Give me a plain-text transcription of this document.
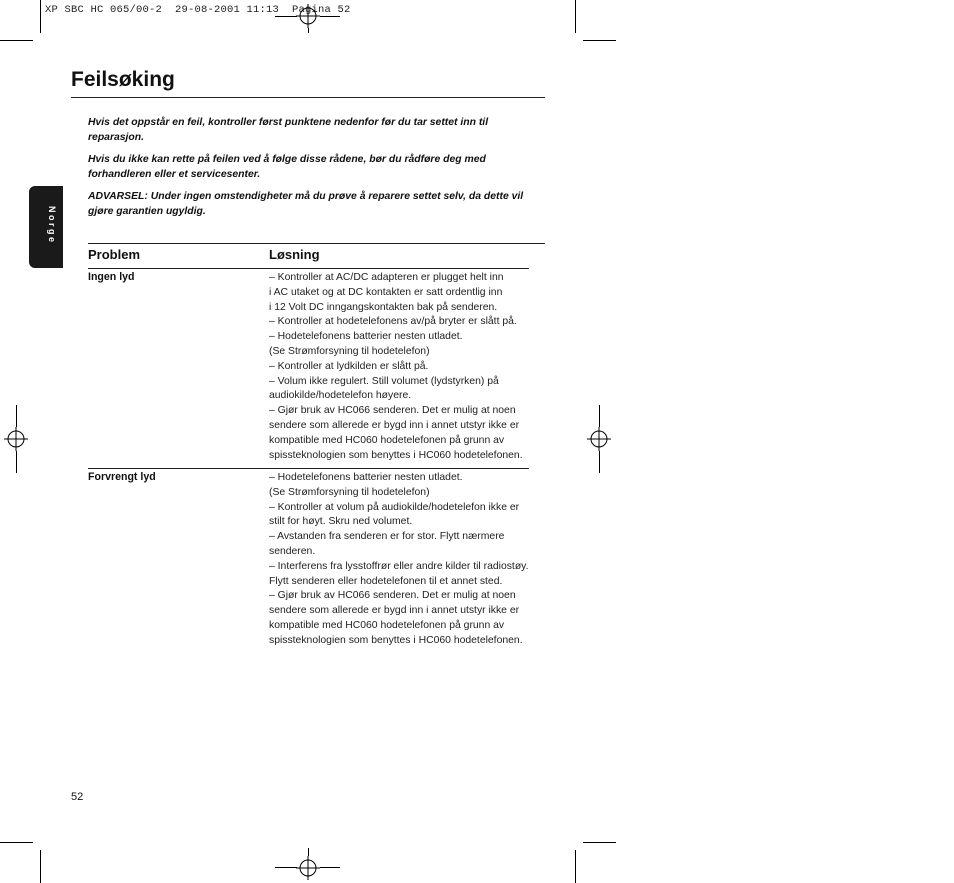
XP SBC HC 065/00-2  29-08-2001 11:13  Pagina 52
Norge
Feilsøking
Hvis det oppstår en feil, kontroller først punktene nedenfor før du tar settet inn til reparasjon.
Hvis du ikke kan rette på feilen ved å følge disse rådene, bør du rådføre deg med forhandleren eller et servicesenter.
ADVARSEL: Under ingen omstendigheter må du prøve å reparere settet selv, da dette vil gjøre garantien ugyldig.
Problem	Løsning
Ingen lyd	– Kontroller at AC/DC adapteren er plugget helt inn
i AC utaket og at DC kontakten er satt ordentlig inn
i 12 Volt DC inngangskontakten bak på senderen.
– Kontroller at hodetelefonens av/på bryter er slått på.
– Hodetelefonens batterier nesten utladet.
(Se Strømforsyning til hodetelefon)
– Kontroller at lydkilden er slått på.
– Volum ikke regulert. Still volumet (lydstyrken) på
audiokilde/hodetelefon høyere.
– Gjør bruk av HC066 senderen. Det er mulig at noen
sendere som allerede er bygd inn i annet utstyr ikke er
kompatible med HC060 hodetelefonen på grunn av
spissteknologien som benyttes i HC060 hodetelefonen.
Forvrengt lyd	– Hodetelefonens batterier nesten utladet.
(Se Strømforsyning til hodetelefon)
– Kontroller at volum på audiokilde/hodetelefon ikke er
stilt for høyt. Skru ned volumet.
– Avstanden fra senderen er for stor. Flytt nærmere
senderen.
– Interferens fra lysstoffrør eller andre kilder til radiostøy.
Flytt senderen eller hodetelefonen til et annet sted.
– Gjør bruk av HC066 senderen. Det er mulig at noen
sendere som allerede er bygd inn i annet utstyr ikke er
kompatible med HC060 hodetelefonen på grunn av
spissteknologien som benyttes i HC060 hodetelefonen.
52
